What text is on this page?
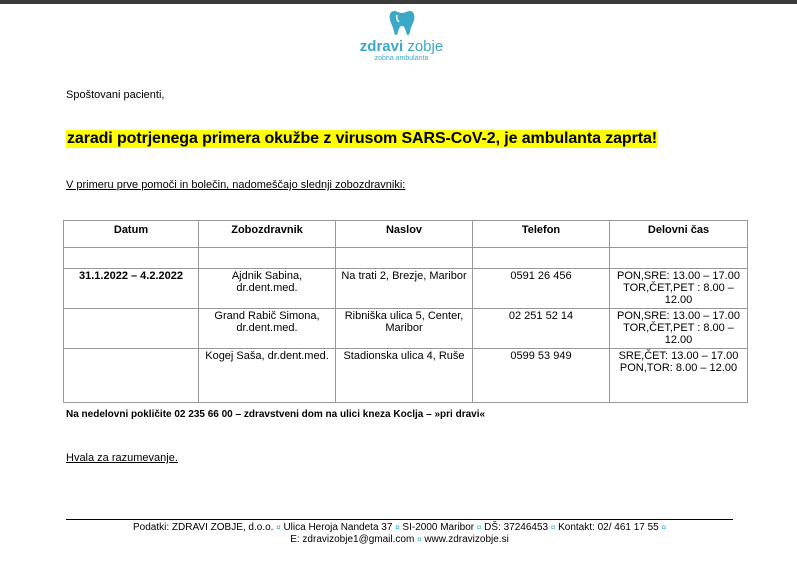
zdravi zobje
zobna ambulanta
Spoštovani pacienti,
zaradi potrjenega primera okužbe z virusom SARS-CoV-2, je ambulanta zaprta!
V primeru prve pomoči in bolečin, nadomeščajo slednji zobozdravniki:
Datum	Zobozdravnik	Naslov	Telefon	Delovni čas

31.1.2022 – 4.2.2022	Ajdnik Sabina, dr.dent.med.	Na trati 2, Brezje, Maribor	0591 26 456	PON,SRE: 13.00 – 17.00 TOR,ČET,PET : 8.00 – 12.00
	Grand Rabič Simona, dr.dent.med.	Ribniška ulica 5, Center, Maribor	02 251 52 14	PON,SRE: 13.00 – 17.00 TOR,ČET,PET : 8.00 – 12.00
	Kogej Saša, dr.dent.med.	Stadionska ulica 4, Ruše	0599 53 949	SRE,ČET: 13.00 – 17.00 PON,TOR: 8.00 – 12.00
Na nedelovni pokličite 02 235 66 00 – zdravstveni dom na ulici kneza Koclja – »pri dravi«
Hvala za razumevanje.
Podatki: ZDRAVI ZOBJE, d.o.o. ¤ Ulica Heroja Nandeta 37 ¤ SI-2000 Maribor ¤ DŠ: 37246453 ¤ Kontakt: 02/ 461 17 55 ¤
E: zdravizobje1@gmail.com ¤ www.zdravizobje.si
